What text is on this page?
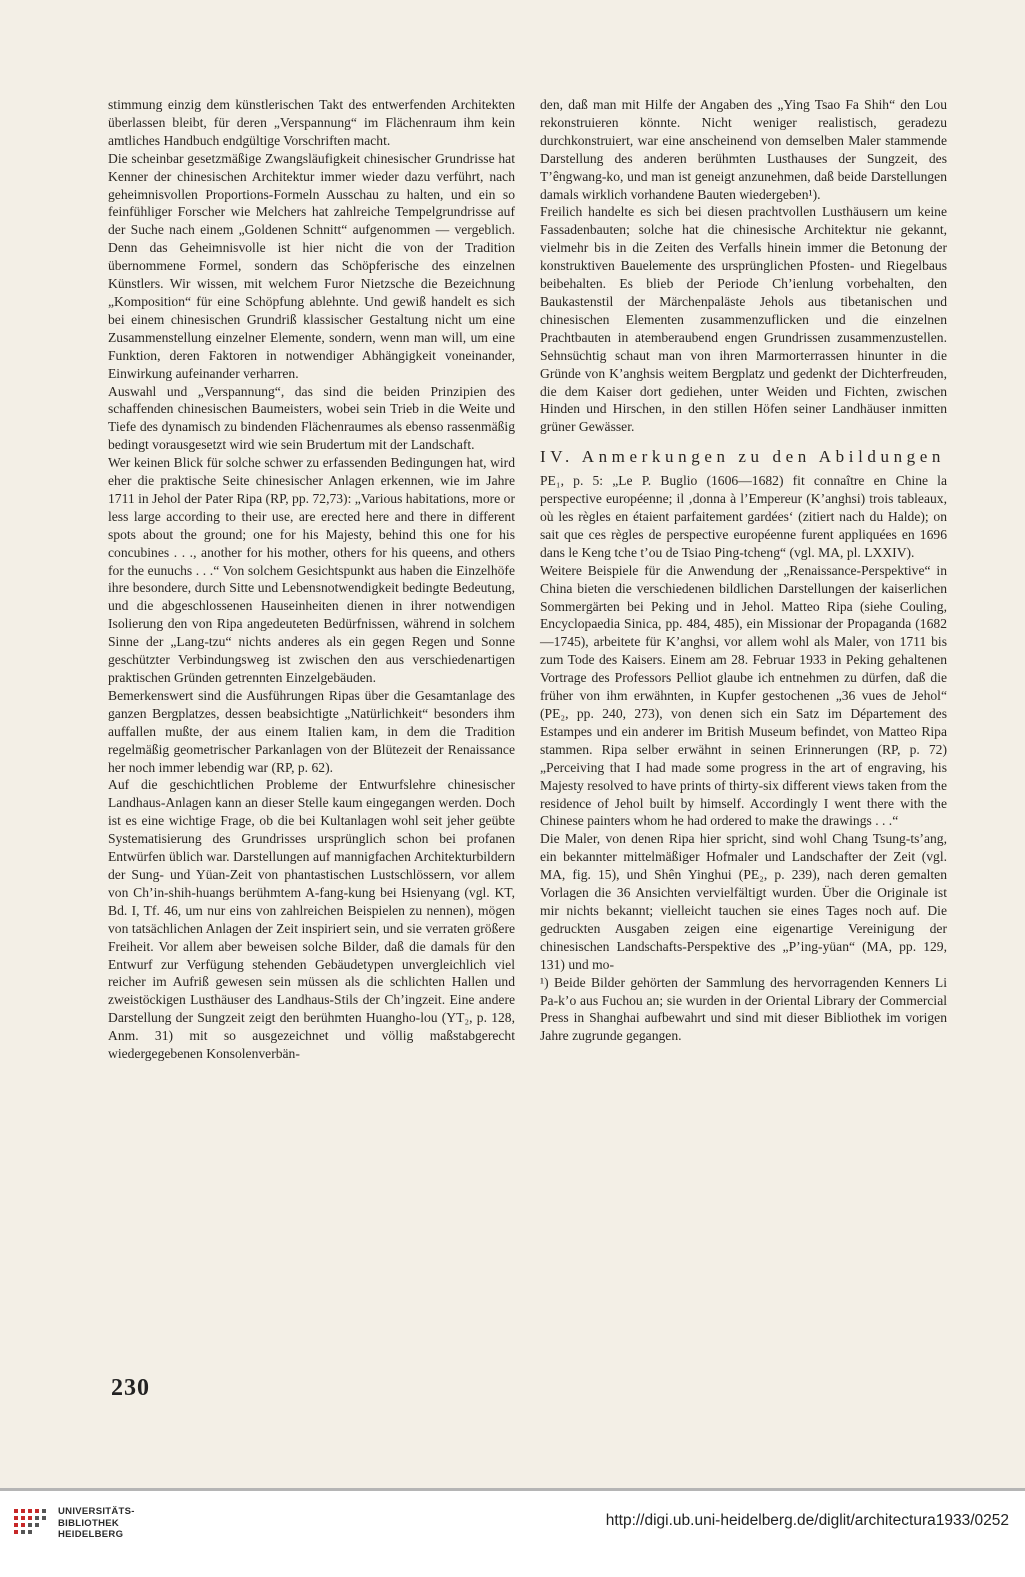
stimmung einzig dem künstlerischen Takt des entwerfenden Architekten überlassen bleibt, für deren „Verspannung“ im Flächenraum ihm kein amtliches Handbuch endgültige Vorschriften macht.

Die scheinbar gesetzmäßige Zwangsläufigkeit chinesischer Grundrisse hat Kenner der chinesischen Architektur immer wieder dazu verführt, nach geheimnisvollen Proportions-Formeln Ausschau zu halten, und ein so feinfühliger Forscher wie Melchers hat zahlreiche Tempelgrundrisse auf der Suche nach einem „Goldenen Schnitt“ aufgenommen — vergeblich. Denn das Geheimnisvolle ist hier nicht die von der Tradition übernommene Formel, sondern das Schöpferische des einzelnen Künstlers. Wir wissen, mit welchem Furor Nietzsche die Bezeichnung „Komposition“ für eine Schöpfung ablehnte. Und gewiß handelt es sich bei einem chinesischen Grundriß klassischer Gestaltung nicht um eine Zusammenstellung einzelner Elemente, sondern, wenn man will, um eine Funktion, deren Faktoren in notwendiger Abhängigkeit voneinander, Einwirkung aufeinander verharren.

Auswahl und „Verspannung“, das sind die beiden Prinzipien des schaffenden chinesischen Baumeisters, wobei sein Trieb in die Weite und Tiefe des dynamisch zu bindenden Flächenraumes als ebenso rassenmäßig bedingt vorausgesetzt wird wie sein Brudertum mit der Landschaft.

Wer keinen Blick für solche schwer zu erfassenden Bedingungen hat, wird eher die praktische Seite chinesischer Anlagen erkennen, wie im Jahre 1711 in Jehol der Pater Ripa (RP, pp. 72,73): „Various habitations, more or less large according to their use, are erected here and there in different spots about the ground; one for his Majesty, behind this one for his concubines . . ., another for his mother, others for his queens, and others for the eunuchs . . .“ Von solchem Gesichtspunkt aus haben die Einzelhöfe ihre besondere, durch Sitte und Lebensnotwendigkeit bedingte Bedeutung, und die abgeschlossenen Hauseinheiten dienen in ihrer notwendigen Isolierung den von Ripa angedeuteten Bedürfnissen, während in solchem Sinne der „Lang-tzu“ nichts anderes als ein gegen Regen und Sonne geschützter Verbindungsweg ist zwischen den aus verschiedenartigen praktischen Gründen getrennten Einzelgebäuden.

Bemerkenswert sind die Ausführungen Ripas über die Gesamtanlage des ganzen Bergplatzes, dessen beabsichtigte „Natürlichkeit“ besonders ihm auffallen mußte, der aus einem Italien kam, in dem die Tradition regelmäßig geometrischer Parkanlagen von der Blütezeit der Renaissance her noch immer lebendig war (RP, p. 62).

Auf die geschichtlichen Probleme der Entwurfslehre chinesischer Landhaus-Anlagen kann an dieser Stelle kaum eingegangen werden. Doch ist es eine wichtige Frage, ob die bei Kultanlagen wohl seit jeher geübte Systematisierung des Grundrisses ursprünglich schon bei profanen Entwürfen üblich war. Darstellungen auf mannigfachen Architekturbildern der Sung- und Yüan-Zeit von phantastischen Lustschlössern, vor allem von Ch’in-shih-huangs berühmtem A-fang-kung bei Hsienyang (vgl. KT, Bd. I, Tf. 46, um nur eins von zahlreichen Beispielen zu nennen), mögen von tatsächlichen Anlagen der Zeit inspiriert sein, und sie verraten größere Freiheit. Vor allem aber beweisen solche Bilder, daß die damals für den Entwurf zur Verfügung stehenden Gebäudetypen unvergleichlich viel reicher im Aufriß gewesen sein müssen als die schlichten Hallen und zweistöckigen Lusthäuser des Landhaus-Stils der Ch’ingzeit. Eine andere Darstellung der Sungzeit zeigt den berühmten Huangho-lou (YT₂, p. 128, Anm. 31) mit so ausgezeichnet und völlig maßstabgerecht wiedergegebenen Konsolenverbän-

den, daß man mit Hilfe der Angaben des „Ying Tsao Fa Shih“ den Lou rekonstruieren könnte. Nicht weniger realistisch, geradezu durchkonstruiert, war eine anscheinend von demselben Maler stammende Darstellung des anderen berühmten Lusthauses der Sungzeit, des T’êngwang-ko, und man ist geneigt anzunehmen, daß beide Darstellungen damals wirklich vorhandene Bauten wiedergeben¹).

Freilich handelte es sich bei diesen prachtvollen Lusthäusern um keine Fassadenbauten; solche hat die chinesische Architektur nie gekannt, vielmehr bis in die Zeiten des Verfalls hinein immer die Betonung der konstruktiven Bauelemente des ursprünglichen Pfosten- und Riegelbaus beibehalten. Es blieb der Periode Ch’ienlung vorbehalten, den Baukastenstil der Märchenpaläste Jehols aus tibetanischen und chinesischen Elementen zusammenzuflicken und die einzelnen Prachtbauten in atemberaubend engen Grundrissen zusammenzustellen. Sehnsüchtig schaut man von ihren Marmorterrassen hinunter in die Gründe von K’anghsis weitem Bergplatz und gedenkt der Dichterfreuden, die dem Kaiser dort gediehen, unter Weiden und Fichten, zwischen Hinden und Hirschen, in den stillen Höfen seiner Landhäuser inmitten grüner Gewässer.

IV. Anmerkungen zu den Abildungen

PE₁, p. 5: „Le P. Buglio (1606—1682) fit connaître en Chine la perspective européenne; il ‚donna à l’Empereur (K’anghsi) trois tableaux, où les règles en étaient parfaitement gardées‘ (zitiert nach du Halde); on sait que ces règles de perspective européenne furent appliquées en 1696 dans le Keng tche t’ou de Tsiao Ping-tcheng“ (vgl. MA, pl. LXXIV).

Weitere Beispiele für die Anwendung der „Renaissance-Perspektive“ in China bieten die verschiedenen bildlichen Darstellungen der kaiserlichen Sommergärten bei Peking und in Jehol. Matteo Ripa (siehe Couling, Encyclopaedia Sinica, pp. 484, 485), ein Missionar der Propaganda (1682—1745), arbeitete für K’anghsi, vor allem wohl als Maler, von 1711 bis zum Tode des Kaisers. Einem am 28. Februar 1933 in Peking gehaltenen Vortrage des Professors Pelliot glaube ich entnehmen zu dürfen, daß die früher von ihm erwähnten, in Kupfer gestochenen „36 vues de Jehol“ (PE₂, pp. 240, 273), von denen sich ein Satz im Département des Estampes und ein anderer im British Museum befindet, von Matteo Ripa stammen. Ripa selber erwähnt in seinen Erinnerungen (RP, p. 72) „Perceiving that I had made some progress in the art of engraving, his Majesty resolved to have prints of thirty-six different views taken from the residence of Jehol built by himself. Accordingly I went there with the Chinese painters whom he had ordered to make the drawings . . .“

Die Maler, von denen Ripa hier spricht, sind wohl Chang Tsung-ts’ang, ein bekannter mittelmäßiger Hofmaler und Landschafter der Zeit (vgl. MA, fig. 15), und Shên Yinghui (PE₂, p. 239), nach deren gemalten Vorlagen die 36 Ansichten vervielfältigt wurden. Über die Originale ist mir nichts bekannt; vielleicht tauchen sie eines Tages noch auf. Die gedruckten Ausgaben zeigen eine eigenartige Vereinigung der chinesischen Landschafts-Perspektive des „P’ing-yüan“ (MA, pp. 129, 131) und mo-

¹) Beide Bilder gehörten der Sammlung des hervorragenden Kenners Li Pa-k’o aus Fuchou an; sie wurden in der Oriental Library der Commercial Press in Shanghai aufbewahrt und sind mit dieser Bibliothek im vorigen Jahre zugrunde gegangen.

230
UNIVERSITÄTS-
BIBLIOTHEK
HEIDELBERG
http://digi.ub.uni-heidelberg.de/diglit/architectura1933/0252
